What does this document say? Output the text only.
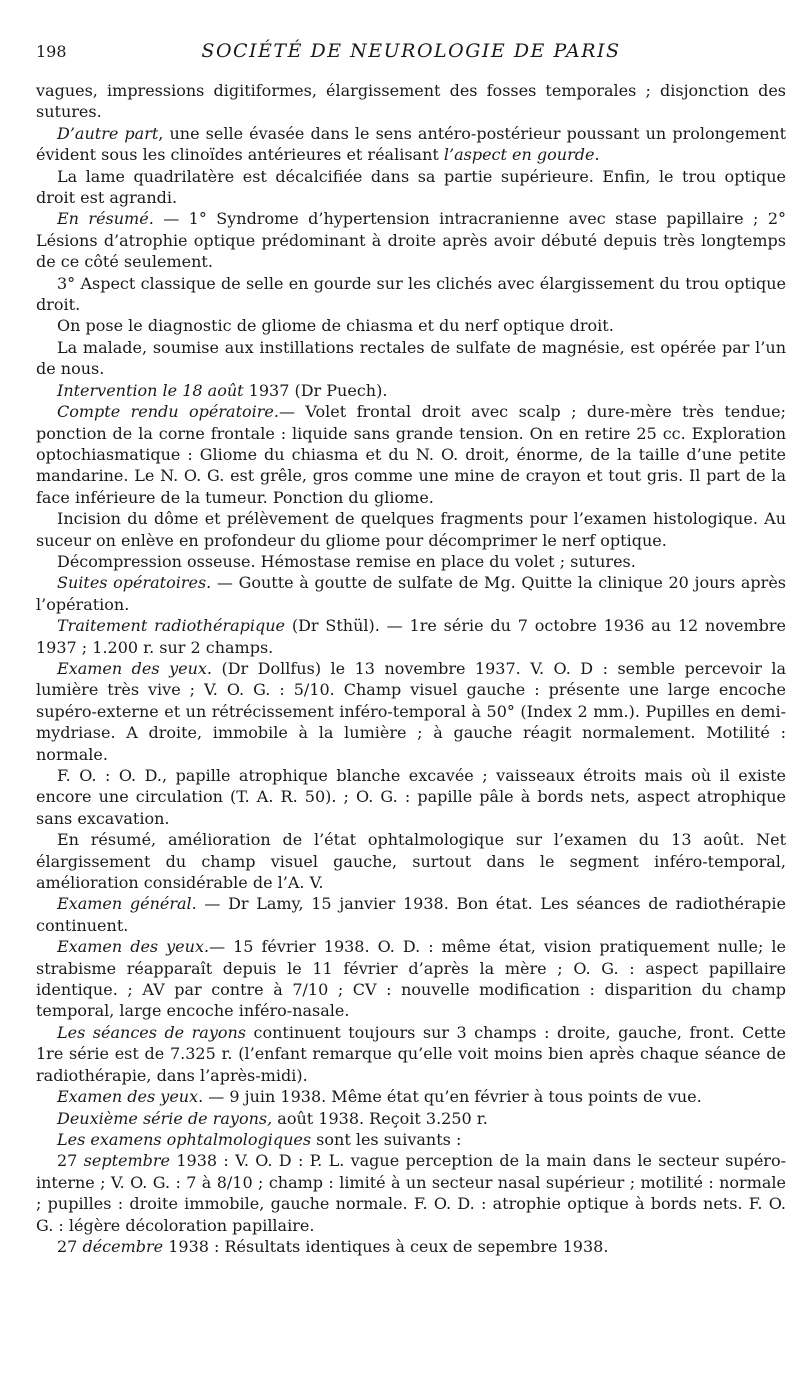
198	SOCIÉTÉ DE NEUROLOGIE DE PARIS

vagues, impressions digitiformes, élargissement des fosses temporales ; disjonction des sutures.

D’autre part, une selle évasée dans le sens antéro-postérieur poussant un prolongement évident sous les clinoïdes antérieures et réalisant l’aspect en gourde.

La lame quadrilatère est décalcifiée dans sa partie supérieure. Enfin, le trou optique droit est agrandi.

En résumé. — 1° Syndrome d’hypertension intracranienne avec stase papillaire ; 2° Lésions d’atrophie optique prédominant à droite après avoir débuté depuis très longtemps de ce côté seulement.

3° Aspect classique de selle en gourde sur les clichés avec élargissement du trou optique droit.

On pose le diagnostic de gliome de chiasma et du nerf optique droit.

La malade, soumise aux instillations rectales de sulfate de magnésie, est opérée par l’un de nous.

Intervention le 18 août 1937 (Dr Puech).

Compte rendu opératoire.— Volet frontal droit avec scalp ; dure-mère très tendue; ponction de la corne frontale : liquide sans grande tension. On en retire 25 cc. Exploration optochiasmatique : Gliome du chiasma et du N. O. droit, énorme, de la taille d’une petite mandarine. Le N. O. G. est grêle, gros comme une mine de crayon et tout gris. Il part de la face inférieure de la tumeur. Ponction du gliome.

Incision du dôme et prélèvement de quelques fragments pour l’examen histologique. Au suceur on enlève en profondeur du gliome pour décomprimer le nerf optique.

Décompression osseuse. Hémostase remise en place du volet ; sutures.

Suites opératoires. — Goutte à goutte de sulfate de Mg. Quitte la clinique 20 jours après l’opération.

Traitement radiothérapique (Dr Sthül). — 1re série du 7 octobre 1936 au 12 novembre 1937 ; 1.200 r. sur 2 champs.

Examen des yeux. (Dr Dollfus) le 13 novembre 1937. V. O. D : semble percevoir la lumière très vive ; V. O. G. : 5/10. Champ visuel gauche : présente une large encoche supéro-externe et un rétrécissement inféro-temporal à 50° (Index 2 mm.). Pupilles en demi-mydriase. A droite, immobile à la lumière ; à gauche réagit normalement. Motilité : normale.

F. O. : O. D., papille atrophique blanche excavée ; vaisseaux étroits mais où il existe encore une circulation (T. A. R. 50). ; O. G. : papille pâle à bords nets, aspect atrophique sans excavation.

En résumé, amélioration de l’état ophtalmologique sur l’examen du 13 août. Net élargissement du champ visuel gauche, surtout dans le segment inféro-temporal, amélioration considérable de l’A. V.

Examen général. — Dr Lamy, 15 janvier 1938. Bon état. Les séances de radiothérapie continuent.

Examen des yeux.— 15 février 1938. O. D. : même état, vision pratiquement nulle; le strabisme réapparaît depuis le 11 février d’après la mère ; O. G. : aspect papillaire identique. ; AV par contre à 7/10 ; CV : nouvelle modification : disparition du champ temporal, large encoche inféro-nasale.

Les séances de rayons continuent toujours sur 3 champs : droite, gauche, front. Cette 1re série est de 7.325 r. (l’enfant remarque qu’elle voit moins bien après chaque séance de radiothérapie, dans l’après-midi).

Examen des yeux. — 9 juin 1938. Même état qu’en février à tous points de vue.

Deuxième série de rayons, août 1938. Reçoit 3.250 r.

Les examens ophtalmologiques sont les suivants :

27 septembre 1938 : V. O. D : P. L. vague perception de la main dans le secteur supéro-interne ; V. O. G. : 7 à 8/10 ; champ : limité à un secteur nasal supérieur ; motilité : normale ; pupilles : droite immobile, gauche normale. F. O. D. : atrophie optique à bords nets. F. O. G. : légère décoloration papillaire.

27 décembre 1938 : Résultats identiques à ceux de sepembre 1938.
